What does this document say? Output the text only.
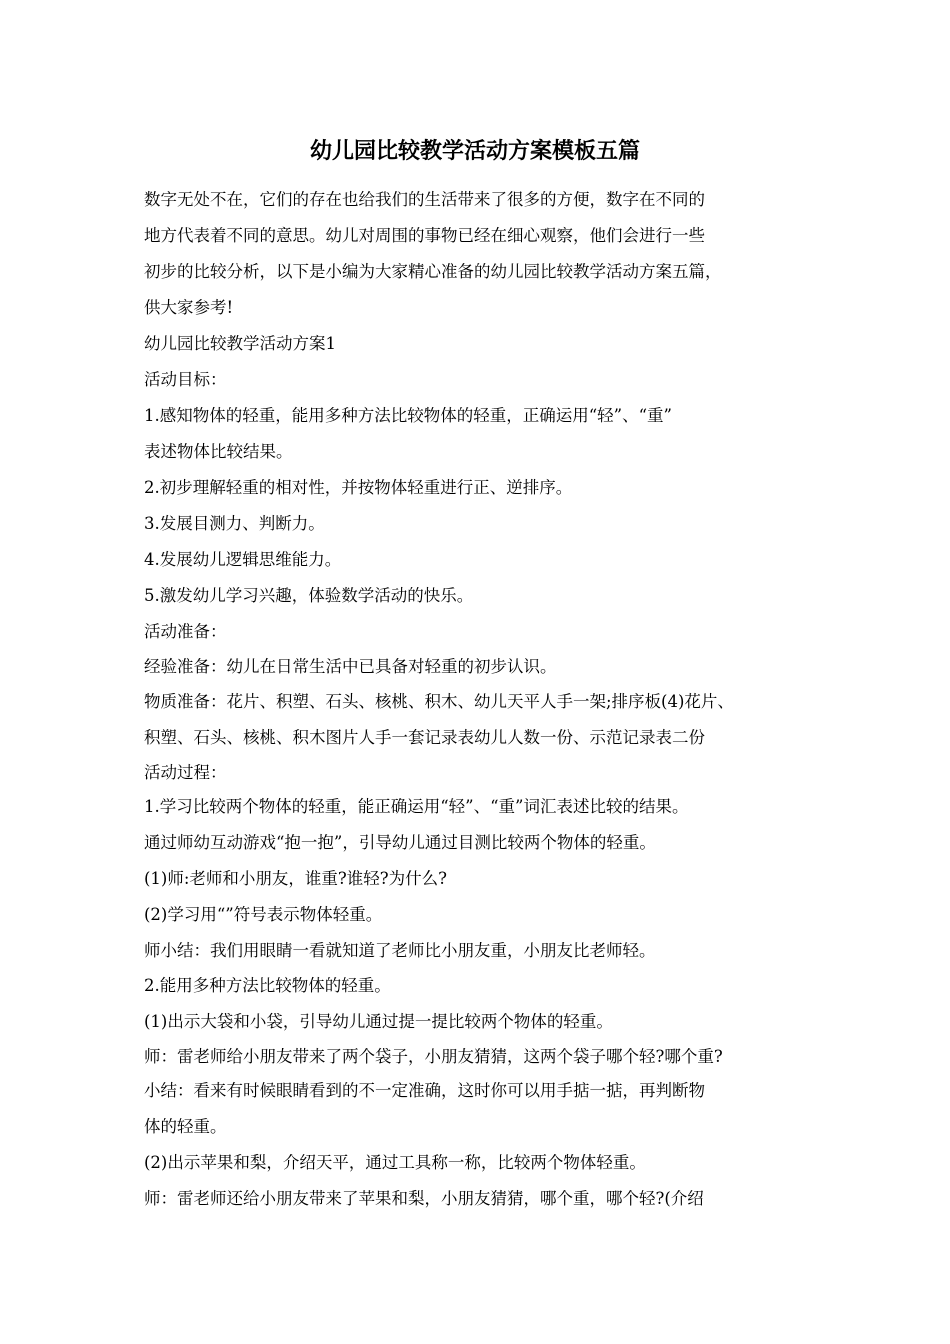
幼儿园比较教学活动方案模板五篇
数字无处不在，它们的存在也给我们的生活带来了很多的方便，数字在不同的
地方代表着不同的意思。幼儿对周围的事物已经在细心观察，他们会进行一些
初步的比较分析，以下是小编为大家精心准备的幼儿园比较教学活动方案五篇，
供大家参考!
幼儿园比较教学活动方案1
活动目标：
1.感知物体的轻重，能用多种方法比较物体的轻重，正确运用“轻”、“重”
表述物体比较结果。
2.初步理解轻重的相对性，并按物体轻重进行正、逆排序。
3.发展目测力、判断力。
4.发展幼儿逻辑思维能力。
5.激发幼儿学习兴趣，体验数学活动的快乐。
活动准备：
经验准备：幼儿在日常生活中已具备对轻重的初步认识。
物质准备：花片、积塑、石头、核桃、积木、幼儿天平人手一架;排序板(4)花片、
积塑、石头、核桃、积木图片人手一套记录表幼儿人数一份、示范记录表二份
活动过程：
1.学习比较两个物体的轻重，能正确运用“轻”、“重”词汇表述比较的结果。
通过师幼互动游戏“抱一抱”，引导幼儿通过目测比较两个物体的轻重。
(1)师:老师和小朋友，谁重?谁轻?为什么?
(2)学习用“”符号表示物体轻重。
师小结：我们用眼睛一看就知道了老师比小朋友重，小朋友比老师轻。
2.能用多种方法比较物体的轻重。
(1)出示大袋和小袋，引导幼儿通过提一提比较两个物体的轻重。
师：雷老师给小朋友带来了两个袋子，小朋友猜猜，这两个袋子哪个轻?哪个重?
小结：看来有时候眼睛看到的不一定准确，这时你可以用手掂一掂，再判断物
体的轻重。
(2)出示苹果和梨，介绍天平，通过工具称一称，比较两个物体轻重。
师：雷老师还给小朋友带来了苹果和梨，小朋友猜猜，哪个重，哪个轻?(介绍
